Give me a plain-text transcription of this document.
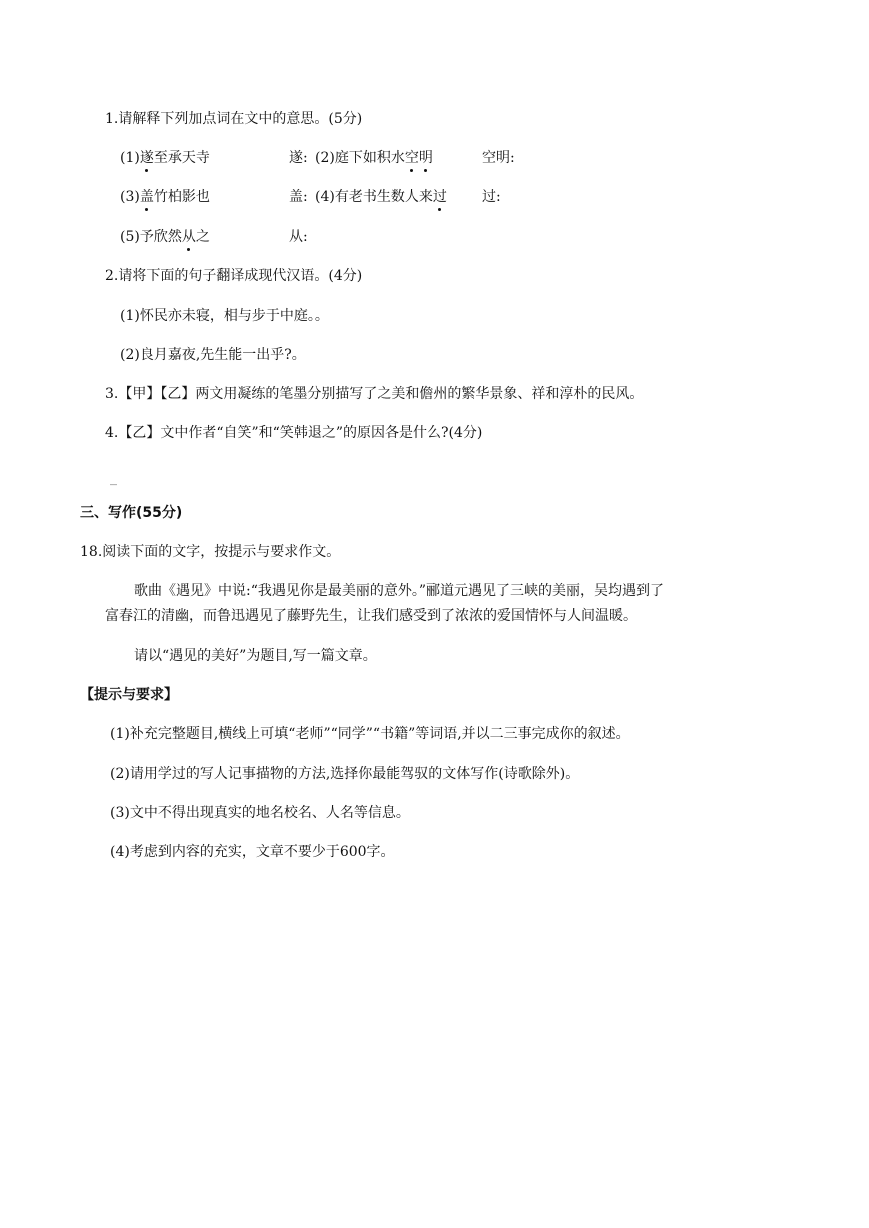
1.请解释下列加点词在文中的意思。(5分)
(1)遂至承天寺	遂: (2)庭下如积水空明	空明:
(3)盖竹柏影也	盖: (4)有老书生数人来过	过:
(5)予欣然从之	从:
2.请将下面的句子翻译成现代汉语。(4分)
(1)怀民亦未寝，相与步于中庭。。
(2)良月嘉夜,先生能一出乎?。
3.【甲】【乙】两文用凝练的笔墨分别描写了之美和儋州的繁华景象、祥和淳朴的民风。
4.【乙】文中作者“自笑”和“笑韩退之”的原因各是什么?(4分)
_
三、写作(55分)
18.阅读下面的文字，按提示与要求作文。
歌曲《遇见》中说:“我遇见你是最美丽的意外。”郦道元遇见了三峡的美丽，吴均遇到了
富春江的清幽，而鲁迅遇见了藤野先生，让我们感受到了浓浓的爱国情怀与人间温暖。
请以“遇见的美好”为题目,写一篇文章。
【提示与要求】
(1)补充完整题目,横线上可填“老师”“同学”“书籍”等词语,并以二三事完成你的叙述。
(2)请用学过的写人记事描物的方法,选择你最能驾驭的文体写作(诗歌除外)。
(3)文中不得出现真实的地名校名、人名等信息。
(4)考虑到内容的充实，文章不要少于600字。
